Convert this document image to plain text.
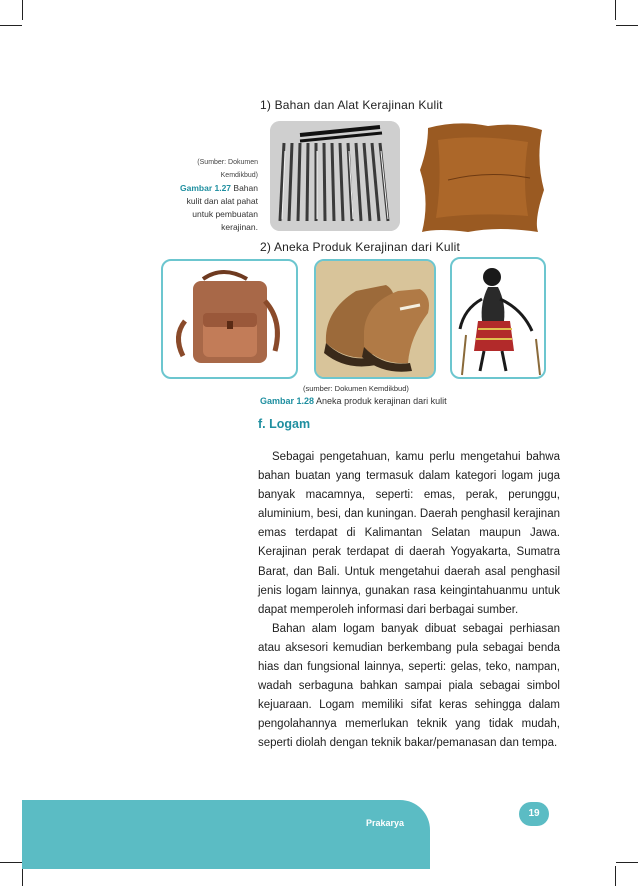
1) Bahan dan Alat Kerajinan Kulit
(Sumber: Dokumen Kemdikbud)
Gambar 1.27 Bahan kulit dan alat pahat untuk pembuatan kerajinan.
2) Aneka Produk Kerajinan dari Kulit
(sumber: Dokumen Kemdikbud)
Gambar 1.28 Aneka produk kerajinan dari kulit
f. Logam

Sebagai pengetahuan, kamu perlu mengetahui bahwa bahan buatan yang termasuk dalam kategori logam juga banyak macamnya, seperti: emas, perak, perunggu, aluminium, besi, dan kuningan. Daerah penghasil kerajinan emas terdapat di Kalimantan Selatan maupun Jawa. Kerajinan perak terdapat di daerah Yogyakarta, Sumatra Barat, dan Bali. Untuk mengetahui daerah asal penghasil jenis logam lainnya, gunakan rasa keingintahuanmu untuk dapat memperoleh informasi dari berbagai sumber.

Bahan alam logam banyak dibuat sebagai perhiasan atau aksesori kemudian berkembang pula sebagai benda hias dan fungsional lainnya, seperti: gelas, teko, nampan, wadah serbaguna bahkan sampai piala sebagai simbol kejuaraan. Logam memiliki sifat keras sehingga dalam pengolahannya memerlukan teknik yang tidak mudah, seperti diolah dengan teknik bakar/pemanasan dan tempa.

Prakarya
19
